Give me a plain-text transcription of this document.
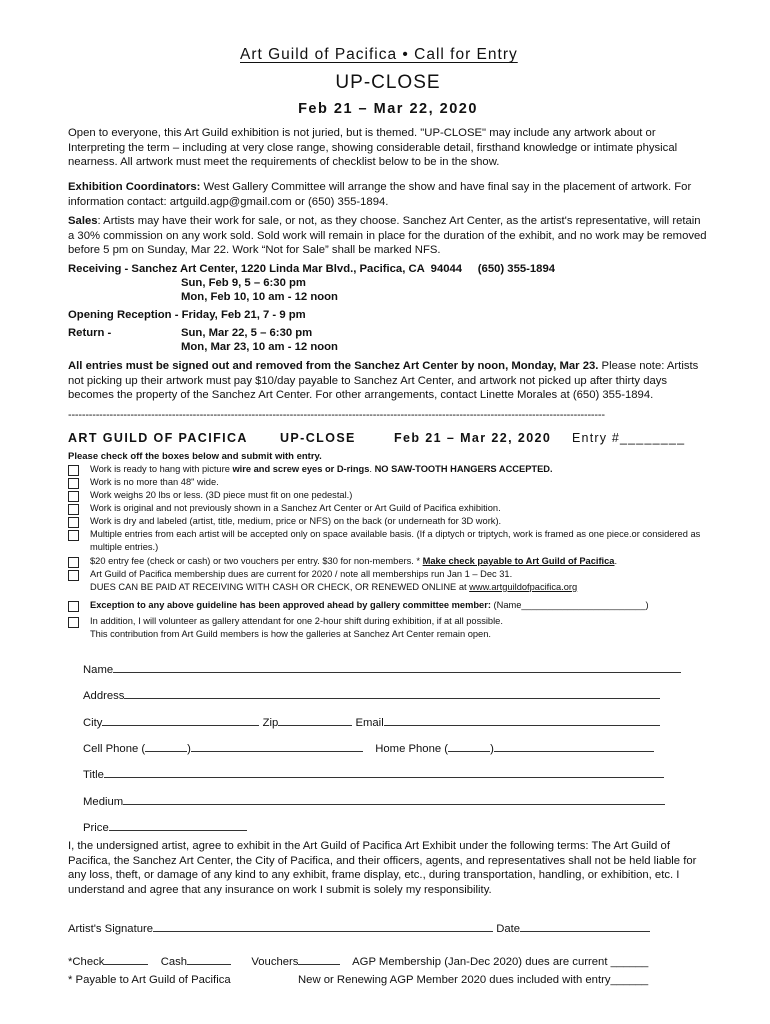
Art Guild of Pacifica • Call for Entry
UP-CLOSE
Feb 21 – Mar 22, 2020
Open to everyone, this Art Guild exhibition is not juried, but is themed. "UP-CLOSE" may include any artwork about or Interpreting the term – including at very close range, showing considerable detail, firsthand knowledge or intimate physical nearness. All artwork must meet the requirements of checklist below to be in the show.
Exhibition Coordinators: West Gallery Committee will arrange the show and have final say in the placement of artwork. For information contact: artguild.agp@gmail.com or (650) 355-1894.
Sales: Artists may have their work for sale, or not, as they choose. Sanchez Art Center, as the artist's representative, will retain a 30% commission on any work sold. Sold work will remain in place for the duration of the exhibit, and no work may be removed before 5 pm on Sunday, Mar 22. Work “Not for Sale” shall be marked NFS.
Receiving - Sanchez Art Center, 1220 Linda Mar Blvd., Pacifica, CA  94044     (650) 355-1894
Sun, Feb 9, 5 – 6:30 pm
Mon, Feb 10, 10 am - 12 noon
Opening Reception - Friday, Feb 21, 7 - 9 pm
Return -	Sun, Mar 22, 5 – 6:30 pm
Mon, Mar 23, 10 am - 12 noon
All entries must be signed out and removed from the Sanchez Art Center by noon, Monday, Mar 23. Please note: Artists not picking up their artwork must pay $10/day payable to Sanchez Art Center, and artwork not picked up after thirty days becomes the property of the Sanchez Art Center. For other arrangements, contact Linette Morales at (650) 355-1894.
-----------------------------------------------------------------------------------------------------------------------------------------------------------
ART GUILD OF PACIFICA	UP-CLOSE	Feb 21 – Mar 22, 2020 Entry #________
Please check off the boxes below and submit with entry.
Work is ready to hang with picture wire and screw eyes or D-rings. NO SAW-TOOTH HANGERS ACCEPTED.
Work is no more than 48" wide.
Work weighs 20 lbs or less. (3D piece must fit on one pedestal.)
Work is original and not previously shown in a Sanchez Art Center or Art Guild of Pacifica exhibition.
Work is dry and labeled (artist, title, medium, price or NFS) on the back (or underneath for 3D work).
Multiple entries from each artist will be accepted only on space available basis. (If a diptych or triptych, work is framed as one piece.or considered as multiple entries.)
$20 entry fee (check or cash) or two vouchers per entry. $30 for non-members. * Make check payable to Art Guild of Pacifica.
Art Guild of Pacifica membership dues are current for 2020 / note all memberships run Jan 1 – Dec 31.
DUES CAN BE PAID AT RECEIVING WITH CASH OR CHECK, OR RENEWED ONLINE at www.artguildofpacifica.org
Exception to any above guideline has been approved ahead by gallery committee member: (Name________________________)
In addition, I will volunteer as gallery attendant for one 2-hour shift during exhibition, if at all possible.
This contribution from Art Guild members is how the galleries at Sanchez Art Center remain open.
Name
Address
City	Zip	Email
Cell Phone (	)	Home Phone (	)
Title
Medium
Price
I, the undersigned artist, agree to exhibit in the Art Guild of Pacifica Art Exhibit under the following terms: The Art Guild of Pacifica, the Sanchez Art Center, the City of Pacifica, and their officers, agents, and representatives shall not be held liable for any loss, theft, or damage of any kind to any exhibit, frame display, etc., during transportation, handling, or exhibition, etc. I understand and agree that any insurance on work I submit is solely my responsibility.
Artist's Signature	Date
*Check	Cash	Vouchers	AGP Membership (Jan-Dec 2020) dues are current ______
* Payable to Art Guild of Pacifica	New or Renewing AGP Member 2020 dues included with entry______
